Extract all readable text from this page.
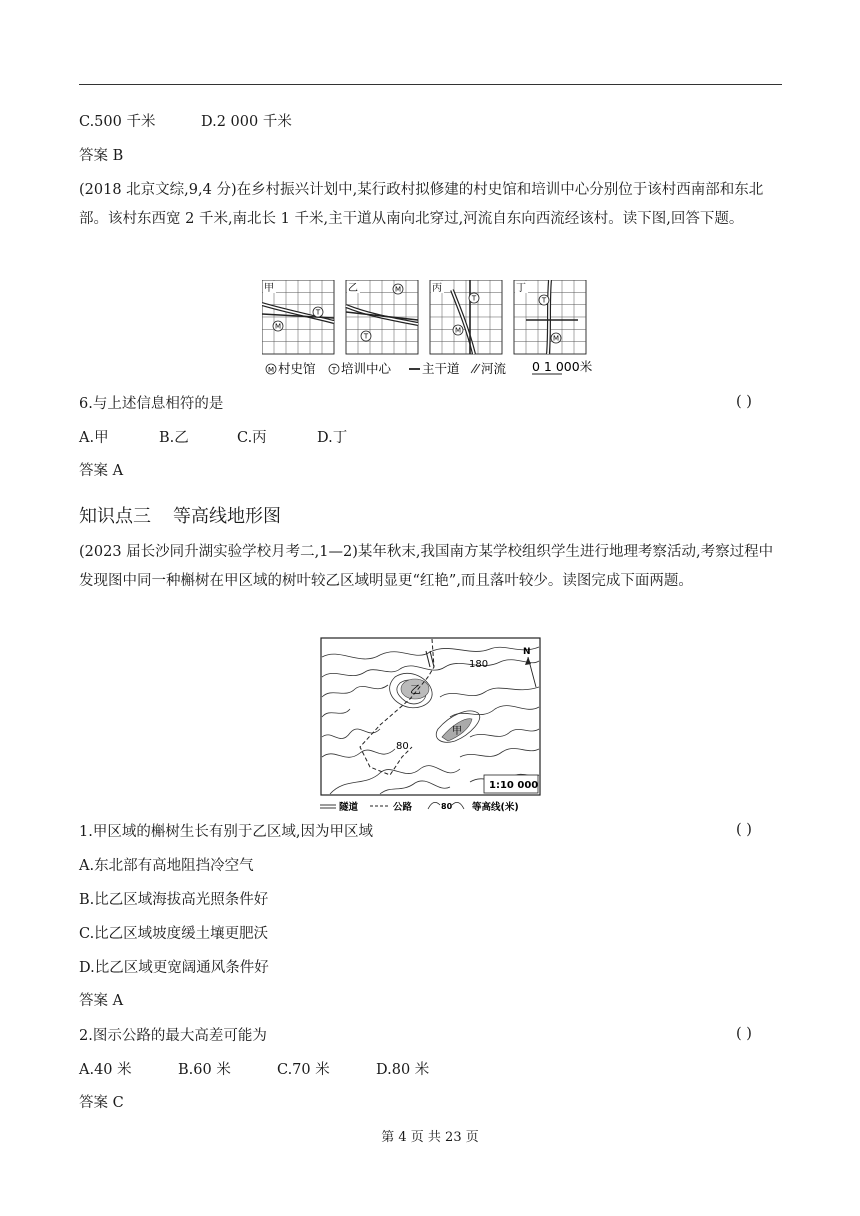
C.500 千米	D.2 000 千米
答案 B
(2018 北京文综,9,4 分)在乡村振兴计划中,某行政村拟修建的村史馆和培训中心分别位于该村西南部和东北部。该村东西宽 2 千米,南北长 1 千米,主干道从南向北穿过,河流自东向西流经该村。读下图,回答下题。
M
T
甲	M
T
乙
M
T
丙
M
T
丁
M 村史馆 T 培训中心 主干道 河流 0 1 000米
6.与上述信息相符的是	( )
A.甲	B.乙	C.丙	D.丁
答案 A
知识点三 等高线地形图
(2023 届长沙同升湖实验学校月考二,1—2)某年秋末,我国南方某学校组织学生进行地理考察活动,考察过程中发现图中同一种槲树在甲区域的树叶较乙区域明显更“红艳”,而且落叶较少。读图完成下面两题。
乙
甲
180
80
N
1:10 000
隧道	公路	80 等高线(米)
1.甲区域的槲树生长有别于乙区域,因为甲区域	( )
A.东北部有高地阻挡冷空气
B.比乙区域海拔高光照条件好
C.比乙区域坡度缓土壤更肥沃
D.比乙区域更宽阔通风条件好
答案 A
2.图示公路的最大高差可能为	( )
A.40 米	B.60 米	C.70 米	D.80 米
答案 C
第 4 页 共 23 页
